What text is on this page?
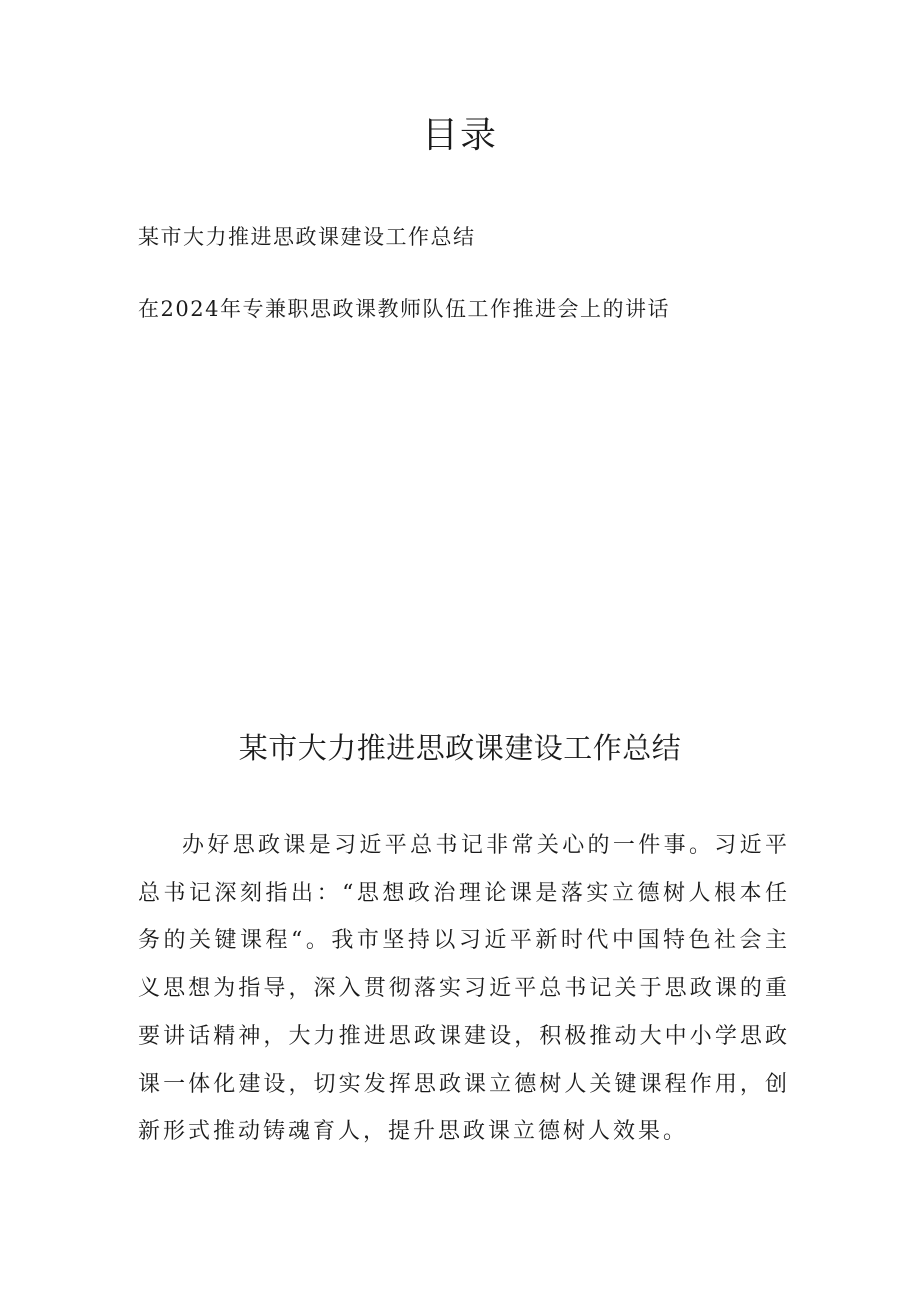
目录
某市大力推进思政课建设工作总结
在2024年专兼职思政课教师队伍工作推进会上的讲话
某市大力推进思政课建设工作总结

办好思政课是习近平总书记非常关心的一件事。习近平总书记深刻指出：“思想政治理论课是落实立德树人根本任务的关键课程“。我市坚持以习近平新时代中国特色社会主义思想为指导，深入贯彻落实习近平总书记关于思政课的重要讲话精神，大力推进思政课建设，积极推动大中小学思政课一体化建设，切实发挥思政课立德树人关键课程作用，创新形式推动铸魂育人，提升思政课立德树人效果。
